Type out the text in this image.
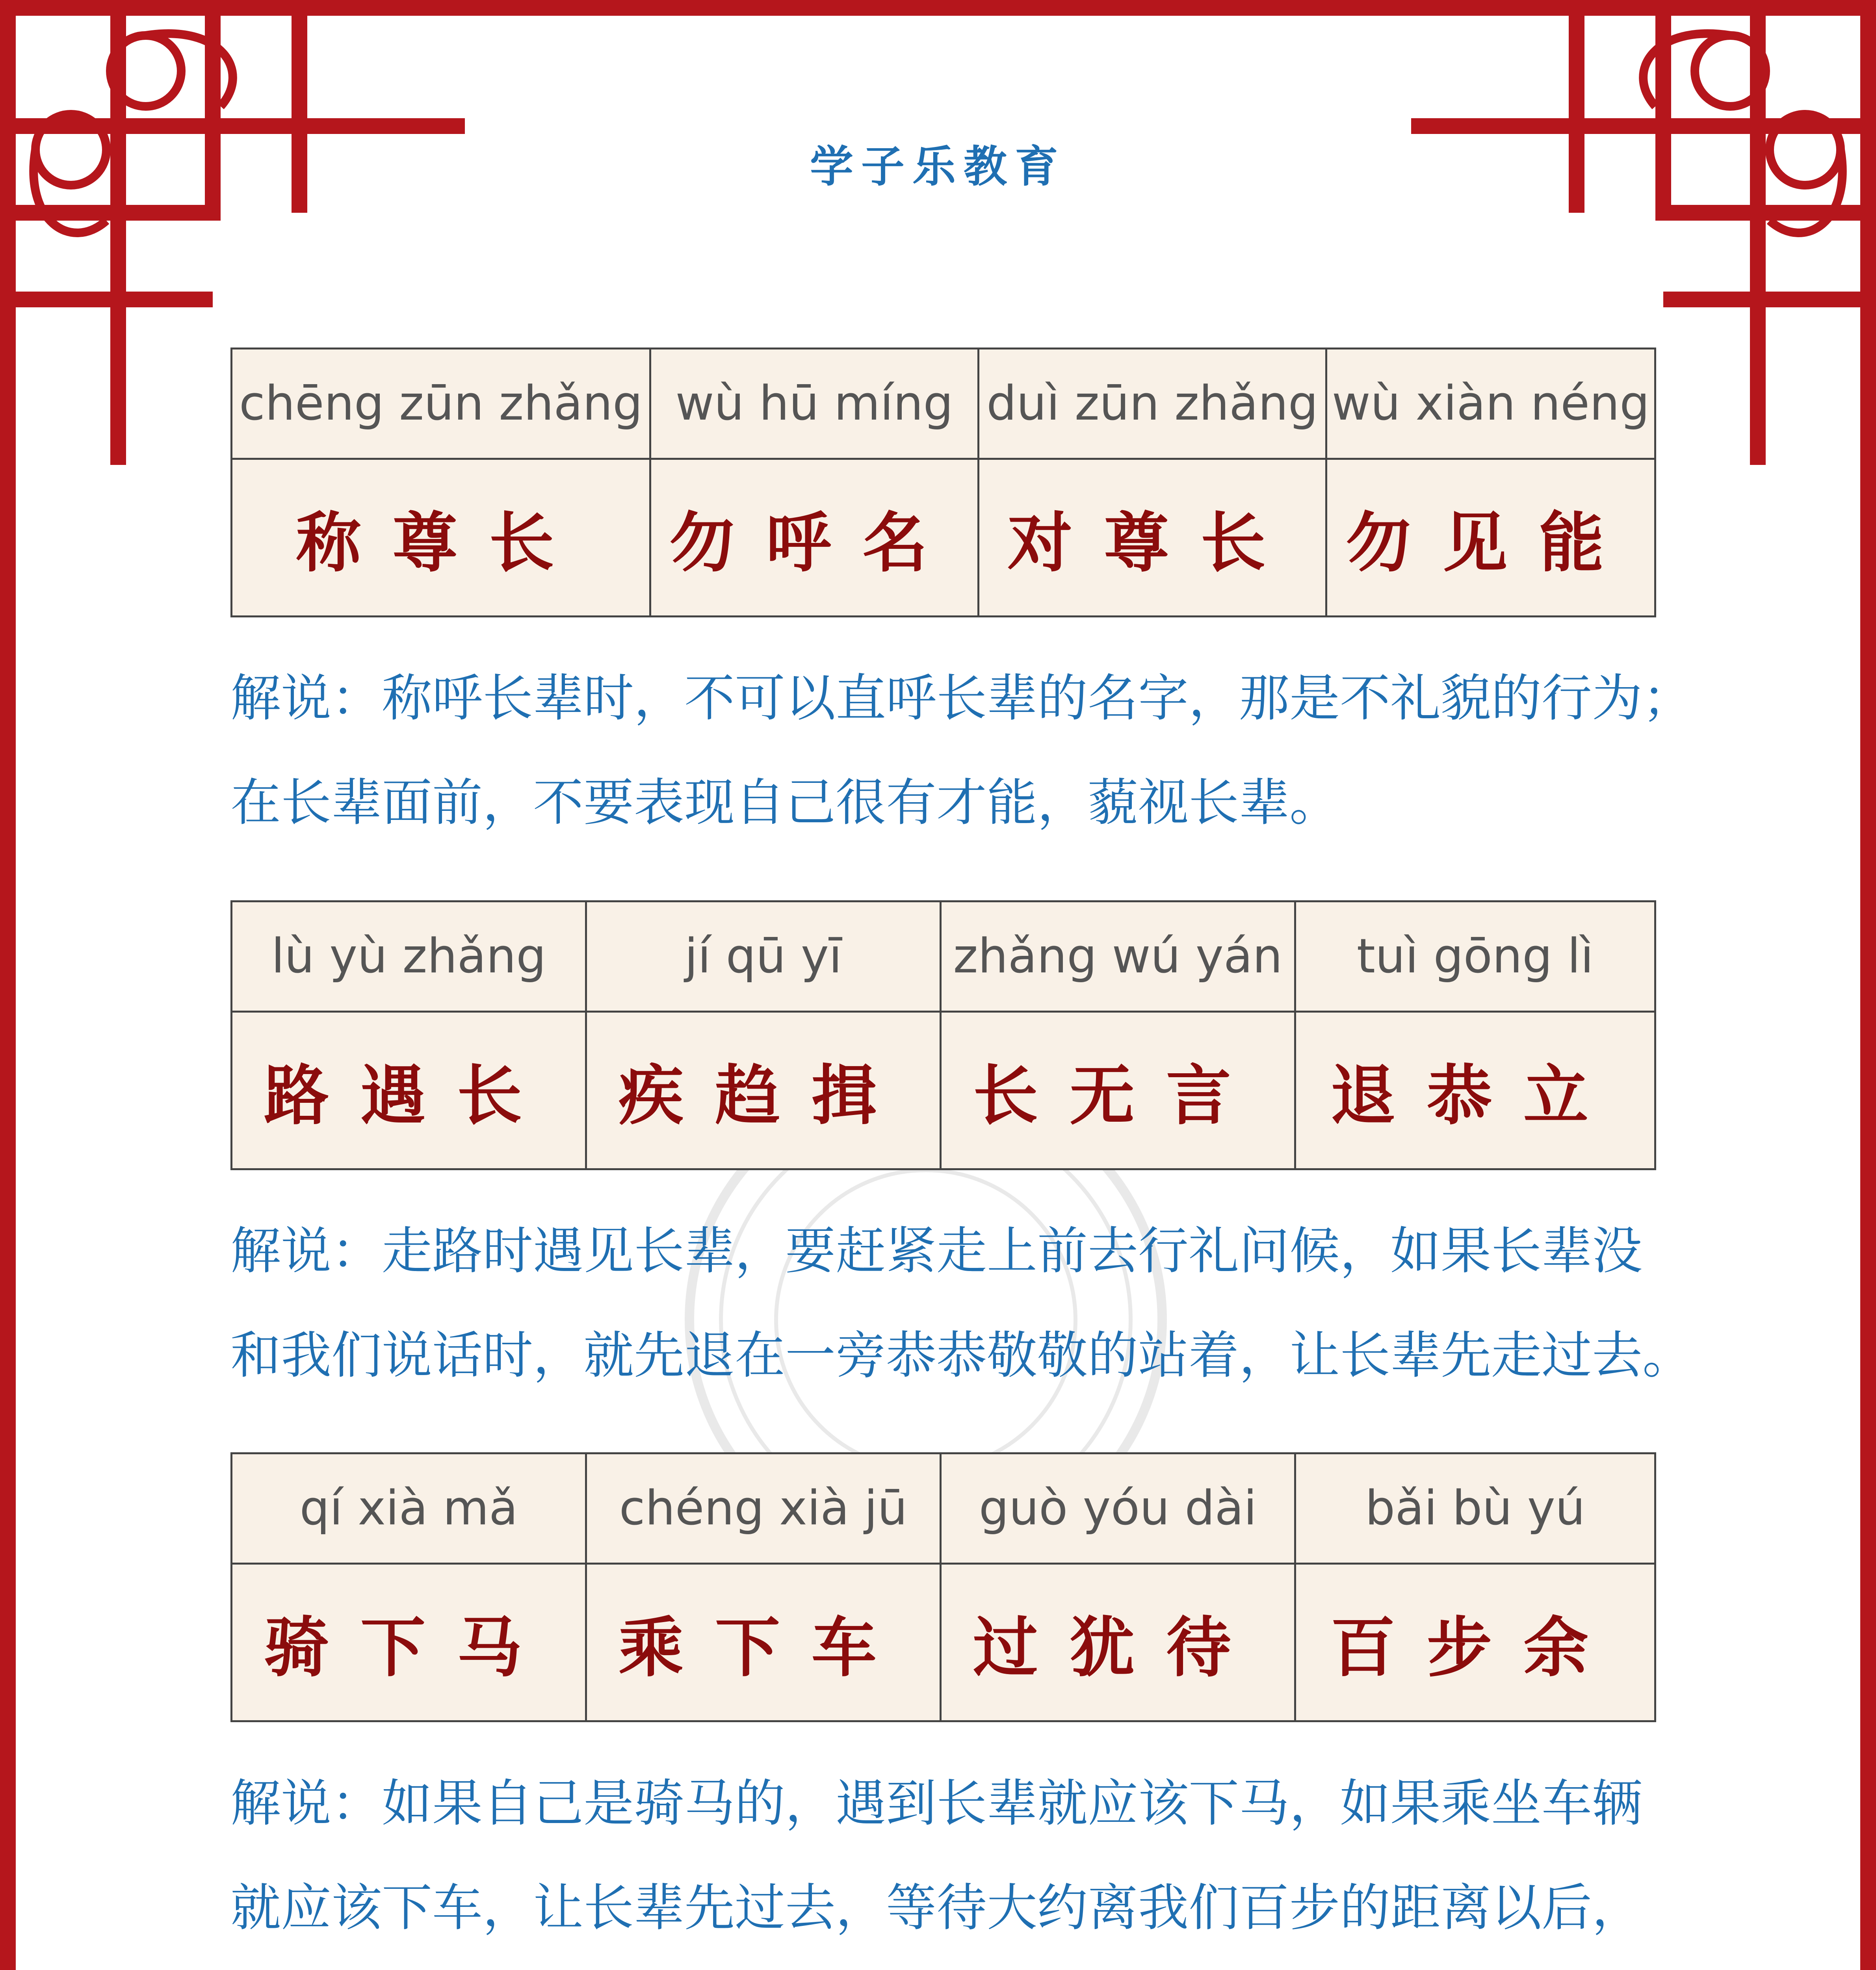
学子乐教育
chēng zūn zhǎng	wù hū míng	duì zūn zhǎng	wù xiàn néng
称尊长	勿呼名	对尊长	勿见能
解说：称呼长辈时，不可以直呼长辈的名字，那是不礼貌的行为；
在长辈面前，不要表现自己很有才能，藐视长辈。
lù yù zhǎng	jí qū yī	zhǎng wú yán	tuì gōng lì
路遇长	疾趋揖	长无言	退恭立
解说：走路时遇见长辈，要赶紧走上前去行礼问候，如果长辈没
和我们说话时，就先退在一旁恭恭敬敬的站着，让长辈先走过去。
qí xià mǎ	chéng xià jū	guò yóu dài	bǎi bù yú
骑下马	乘下车	过犹待	百步余
解说：如果自己是骑马的，遇到长辈就应该下马，如果乘坐车辆
就应该下车，让长辈先过去，等待大约离我们百步的距离以后，
